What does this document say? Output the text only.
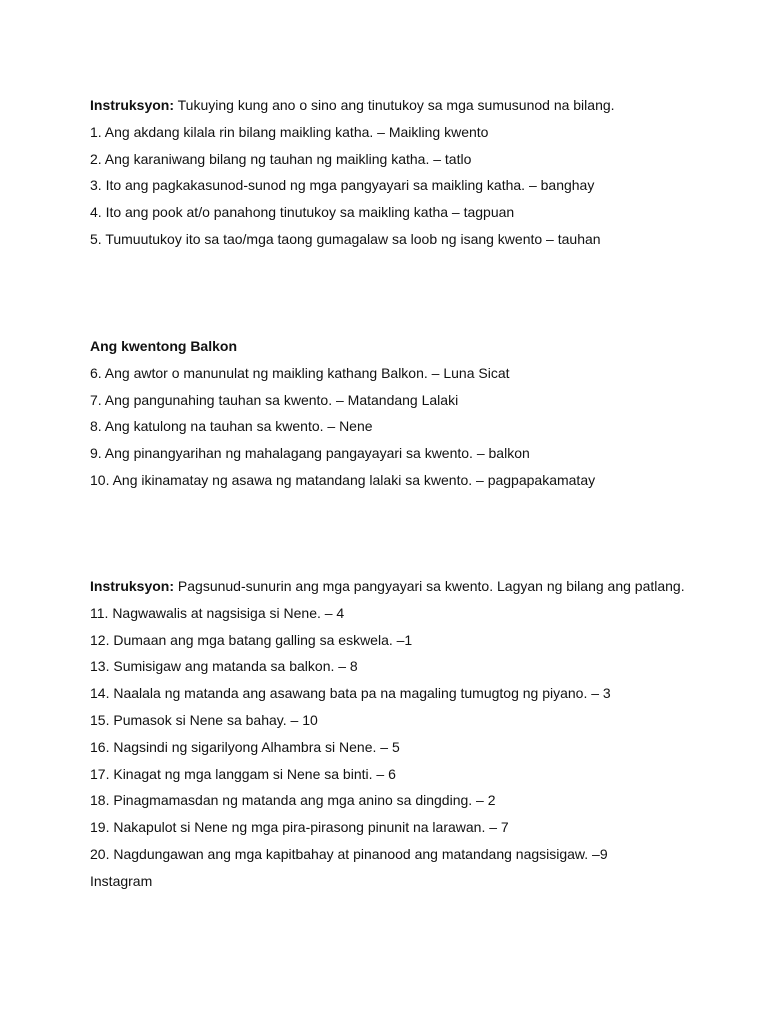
Instruksyon: Tukuying kung ano o sino ang tinutukoy sa mga sumusunod na bilang.
1. Ang akdang kilala rin bilang maikling katha. – Maikling kwento
2. Ang karaniwang bilang ng tauhan ng maikling katha. – tatlo
3. Ito ang pagkakasunod-sunod ng mga pangyayari sa maikling katha. – banghay
4. Ito ang pook at/o panahong tinutukoy sa maikling katha – tagpuan
5. Tumuutukoy ito sa tao/mga taong gumagalaw sa loob ng isang kwento – tauhan
Ang kwentong Balkon
6. Ang awtor o manunulat ng maikling kathang Balkon. – Luna Sicat
7. Ang pangunahing tauhan sa kwento. – Matandang Lalaki
8. Ang katulong na tauhan sa kwento. – Nene
9. Ang pinangyarihan ng mahalagang pangayayari sa kwento. – balkon
10. Ang ikinamatay ng asawa ng matandang lalaki sa kwento. – pagpapakamatay
Instruksyon: Pagsunud-sunurin ang mga pangyayari sa kwento. Lagyan ng bilang ang patlang.
11. Nagwawalis at nagsisiga si Nene. – 4
12. Dumaan ang mga batang galling sa eskwela. –1
13. Sumisigaw ang matanda sa balkon. – 8
14. Naalala ng matanda ang asawang bata pa na magaling tumugtog ng piyano. – 3
15. Pumasok si Nene sa bahay. – 10
16. Nagsindi ng sigarilyong Alhambra si Nene. – 5
17. Kinagat ng mga langgam si Nene sa binti. – 6
18. Pinagmamasdan ng matanda ang mga anino sa dingding. – 2
19. Nakapulot si Nene ng mga pira-pirasong pinunit na larawan. – 7
20. Nagdungawan ang mga kapitbahay at pinanood ang matandang nagsisigaw. –9
Instagram
